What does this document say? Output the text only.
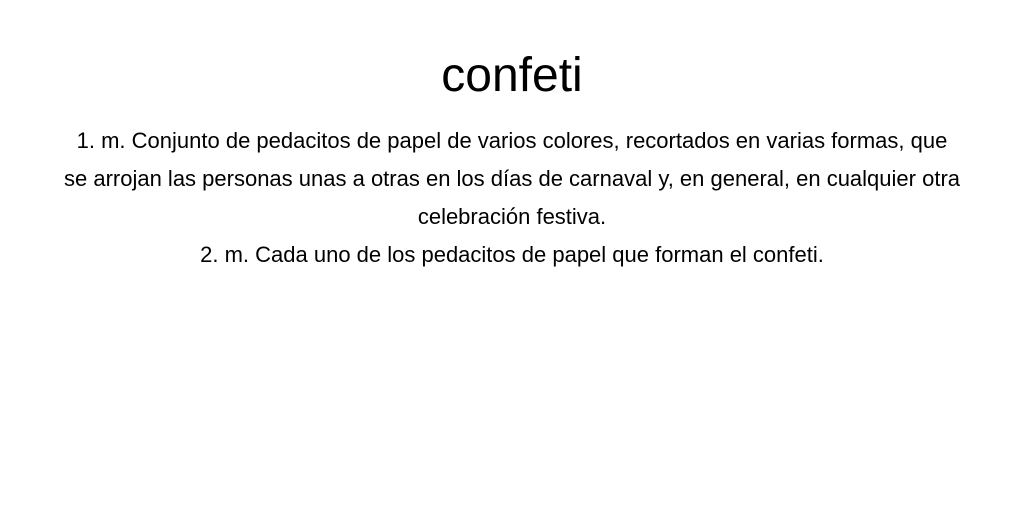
confeti

1. m. Conjunto de pedacitos de papel de varios colores, recortados en varias formas, que se arrojan las personas unas a otras en los días de carnaval y, en general, en cualquier otra celebración festiva.

2. m. Cada uno de los pedacitos de papel que forman el confeti.
